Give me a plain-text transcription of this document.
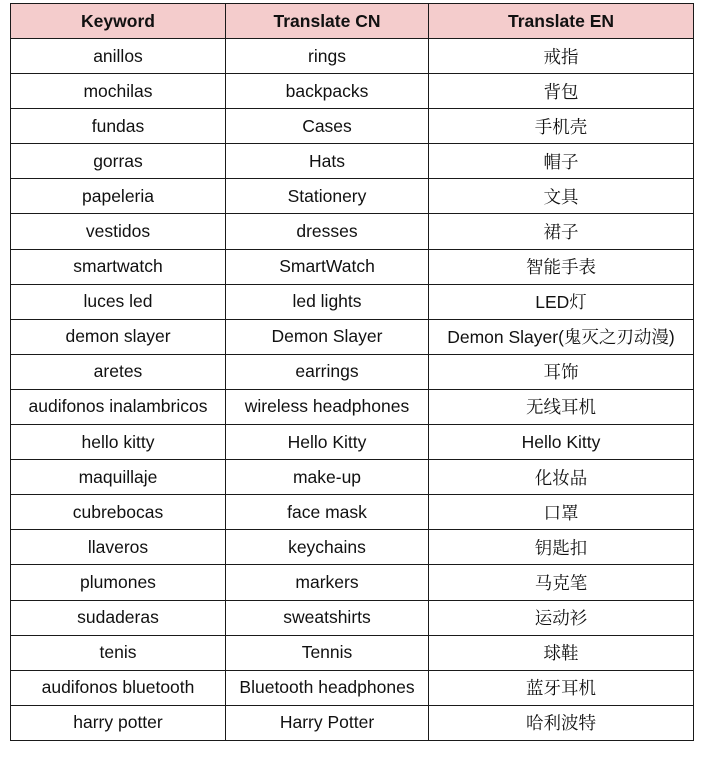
Keyword	Translate CN	Translate EN
anillos	rings	戒指
mochilas	backpacks	背包
fundas	Cases	手机壳
gorras	Hats	帽子
papeleria	Stationery	文具
vestidos	dresses	裙子
smartwatch	SmartWatch	智能手表
luces led	led lights	LED灯
demon slayer	Demon Slayer	Demon Slayer(鬼灭之刃动漫)
aretes	earrings	耳饰
audifonos inalambricos	wireless headphones	无线耳机
hello kitty	Hello Kitty	Hello Kitty
maquillaje	make-up	化妆品
cubrebocas	face mask	口罩
llaveros	keychains	钥匙扣
plumones	markers	马克笔
sudaderas	sweatshirts	运动衫
tenis	Tennis	球鞋
audifonos bluetooth	Bluetooth headphones	蓝牙耳机
harry potter	Harry Potter	哈利波特
